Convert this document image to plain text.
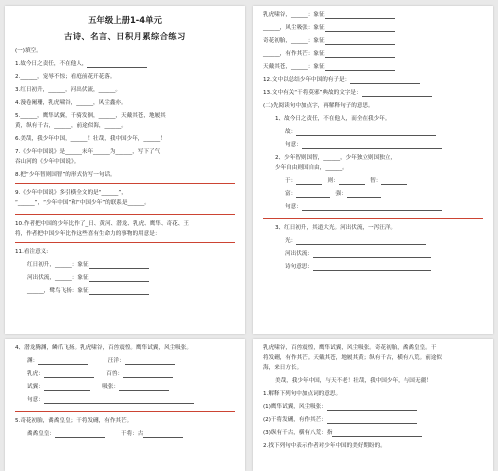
五年级上册1-4单元
古诗、名言、日积月累综合练习
(一)填空。
1.故今日之责任，不在他人，
2.______，宠辱不惊；看庭前花开花落。
3.红日初升，______，河出伏流，______。
4.漫卷阑珊，乳虎啸谷，______，风尘鑫亦。
5.______，鹰隼试翼，千骑发徊，______，天戴其苍，地履其
黄，纵有千古，______，前途似海，______。
6.美哉，我少年中国，______！壮哉，我中国少年，______！
7.《少年中国说》是______末年______为______，写下了气
吞山河的《少年中国说》。
8.把“少年智则国智”的形式仿写一句话。
9.《少年中国说》多引横全文的是“______”，
“______”，“少年中国”和“中国少年”的联系是______。
10.作者把中国的少年比作了_日、黄河、潜龙、乳虎、鹰隼、奇花、王
将，作者把中国少年比作这些喜有生命力的事物的用意是：
11.看注意义:
红日初升，______：象征
河出伏流，______：象征
______，鹭鸟飞扬：象征
乳虎啸谷，______：象征
______，风尘吸张：象征
奇花初胎，______：象征
______，有作其芒：象征
天戴其苍，______：象征
12.文中以总结少年中国的有子是：
13.文中有关“干将莫邪”典故的文字是：
(二)先阅读句中加点字，再解释句子的意思。
1、故今日之责任，不在他人，而全在我少年。
故：
句意：
2、少年智则国智，______，少年独立则国独立，
少年自由则国自由，______。
于：	则：	智：
富：	强：
句意：
3、红日初升，其道大光。河出伏流，一泻汪洋。
光：
河出伏流：
诗句意思：
4、潜龙腾渊，鳞爪飞扬。乳虎啸谷，百兽震惶。鹰隼试翼，风尘吸张。
渊：	汪洋：
乳虎：	百兽：
试翼：	吸张：
句意：
5.奇花初胎，矞矞皇皇；干将发硎，有作其芒。
矞矞皇皇：	干将：古
乳虎啸谷，百兽震惶，鹰隼试翼，风尘吸张。奇花初胎，矞矞皇皇。干
将发硎，有作其芒。天戴其苍，地履其黄；纵有千古，横有八荒。前途似
海，来日方长。
美哉，我少年中国，与天不老！壮哉，我中国少年，与国无疆！
1.解释下列句中加点词的意思。
(1)鹰隼试翼，风尘吸张：
(2)干将发硎，有作其芒：
(3)纵有千古，横有八荒：指
2.找下列句中表示作者对少年中国的美好期盼的。
